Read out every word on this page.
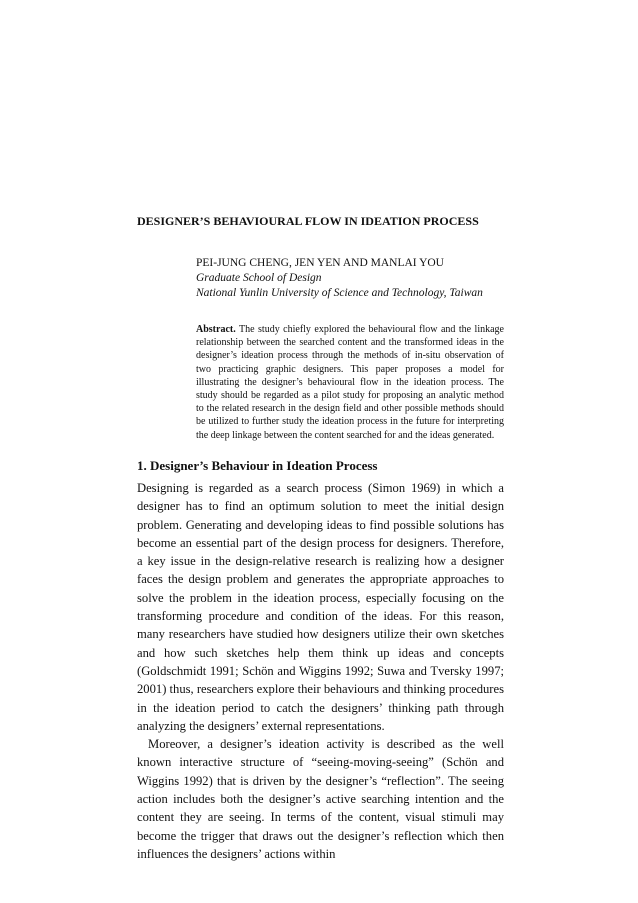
DESIGNER’S BEHAVIOURAL FLOW IN IDEATION PROCESS
PEI-JUNG CHENG, JEN YEN AND MANLAI YOU
Graduate School of Design
National Yunlin University of Science and Technology, Taiwan
Abstract. The study chiefly explored the behavioural flow and the linkage relationship between the searched content and the transformed ideas in the designer’s ideation process through the methods of in-situ observation of two practicing graphic designers. This paper proposes a model for illustrating the designer’s behavioural flow in the ideation process. The study should be regarded as a pilot study for proposing an analytic method to the related research in the design field and other possible methods should be utilized to further study the ideation process in the future for interpreting the deep linkage between the content searched for and the ideas generated.
1. Designer’s Behaviour in Ideation Process

Designing is regarded as a search process (Simon 1969) in which a designer has to find an optimum solution to meet the initial design problem. Generating and developing ideas to find possible solutions has become an essential part of the design process for designers. Therefore, a key issue in the design-relative research is realizing how a designer faces the design problem and generates the appropriate approaches to solve the problem in the ideation process, especially focusing on the transforming procedure and condition of the ideas. For this reason, many researchers have studied how designers utilize their own sketches and how such sketches help them think up ideas and concepts (Goldschmidt 1991; Schön and Wiggins 1992; Suwa and Tversky 1997; 2001) thus, researchers explore their behaviours and thinking procedures in the ideation period to catch the designers’ thinking path through analyzing the designers’ external representations.

Moreover, a designer’s ideation activity is described as the well known interactive structure of “seeing-moving-seeing” (Schön and Wiggins 1992) that is driven by the designer’s “reflection”. The seeing action includes both the designer’s active searching intention and the content they are seeing. In terms of the content, visual stimuli may become the trigger that draws out the designer’s reflection which then influences the designers’ actions within
